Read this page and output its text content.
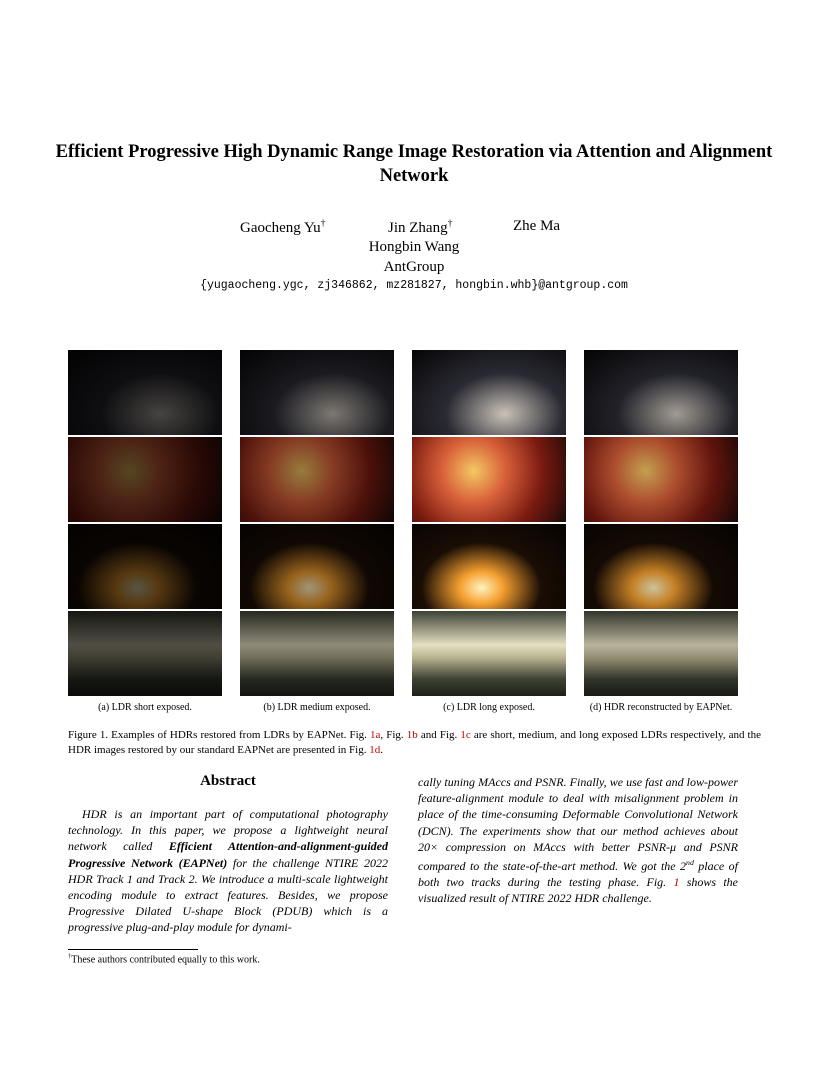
Efficient Progressive High Dynamic Range Image Restoration via Attention and Alignment Network
Gaocheng Yu†	Jin Zhang†	Zhe Ma
Hongbin Wang
AntGroup
{yugaocheng.ygc, zj346862, mz281827, hongbin.whb}@antgroup.com
(a) LDR short exposed.	(b) LDR medium exposed.	(c) LDR long exposed.	(d) HDR reconstructed by EAPNet.
Figure 1. Examples of HDRs restored from LDRs by EAPNet. Fig. 1a, Fig. 1b and Fig. 1c are short, medium, and long exposed LDRs respectively, and the HDR images restored by our standard EAPNet are presented in Fig. 1d.
Abstract
HDR is an important part of computational photography technology. In this paper, we propose a lightweight neural network called Efficient Attention-and-alignment-guided Progressive Network (EAPNet) for the challenge NTIRE 2022 HDR Track 1 and Track 2. We introduce a multi-scale lightweight encoding module to extract features. Besides, we propose Progressive Dilated U-shape Block (PDUB) which is a progressive plug-and-play module for dynami-
cally tuning MAccs and PSNR. Finally, we use fast and low-power feature-alignment module to deal with misalignment problem in place of the time-consuming Deformable Convolutional Network (DCN). The experiments show that our method achieves about 20× compression on MAccs with better PSNR-μ and PSNR compared to the state-of-the-art method. We got the 2nd place of both two tracks during the testing phase. Fig. 1 shows the visualized result of NTIRE 2022 HDR challenge.
†These authors contributed equally to this work.
